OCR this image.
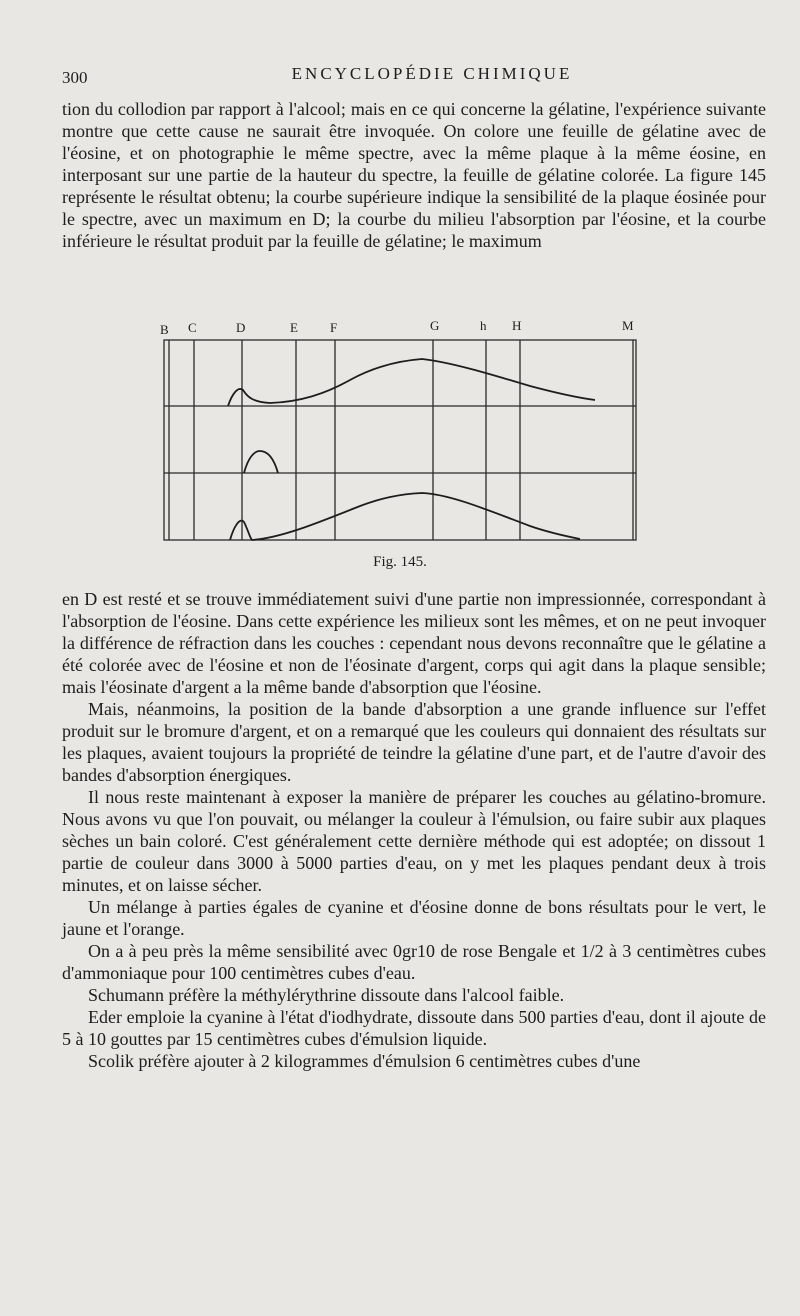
300	ENCYCLOPÉDIE CHIMIQUE

tion du collodion par rapport à l'alcool; mais en ce qui concerne la gélatine, l'expérience suivante montre que cette cause ne saurait être invoquée. On colore une feuille de gélatine avec de l'éosine, et on photographie le même spectre, avec la même plaque à la même éosine, en interposant sur une partie de la hauteur du spectre, la feuille de gélatine colorée. La figure 145 représente le résultat obtenu; la courbe supérieure indique la sensibilité de la plaque éosinée pour le spectre, avec un maximum en D; la courbe du milieu l'absorption par l'éosine, et la courbe inférieure le résultat produit par la feuille de gélatine; le maximum

B C	D	E F	G	h H	M
Fig. 145.

en D est resté et se trouve immédiatement suivi d'une partie non impressionnée, correspondant à l'absorption de l'éosine. Dans cette expérience les milieux sont les mêmes, et on ne peut invoquer la différence de réfraction dans les couches : cependant nous devons reconnaître que le gélatine a été colorée avec de l'éosine et non de l'éosinate d'argent, corps qui agit dans la plaque sensible; mais l'éosinate d'argent a la même bande d'absorption que l'éosine.

Mais, néanmoins, la position de la bande d'absorption a une grande influence sur l'effet produit sur le bromure d'argent, et on a remarqué que les couleurs qui donnaient des résultats sur les plaques, avaient toujours la propriété de teindre la gélatine d'une part, et de l'autre d'avoir des bandes d'absorption énergiques.

Il nous reste maintenant à exposer la manière de préparer les couches au gélatino-bromure. Nous avons vu que l'on pouvait, ou mélanger la couleur à l'émulsion, ou faire subir aux plaques sèches un bain coloré. C'est généralement cette dernière méthode qui est adoptée; on dissout 1 partie de couleur dans 3000 à 5000 parties d'eau, on y met les plaques pendant deux à trois minutes, et on laisse sécher.

Un mélange à parties égales de cyanine et d'éosine donne de bons résultats pour le vert, le jaune et l'orange.

On a à peu près la même sensibilité avec 0gr10 de rose Bengale et 1/2 à 3 centimètres cubes d'ammoniaque pour 100 centimètres cubes d'eau.

Schumann préfère la méthylérythrine dissoute dans l'alcool faible.

Eder emploie la cyanine à l'état d'iodhydrate, dissoute dans 500 parties d'eau, dont il ajoute de 5 à 10 gouttes par 15 centimètres cubes d'émulsion liquide.

Scolik préfère ajouter à 2 kilogrammes d'émulsion 6 centimètres cubes d'une
